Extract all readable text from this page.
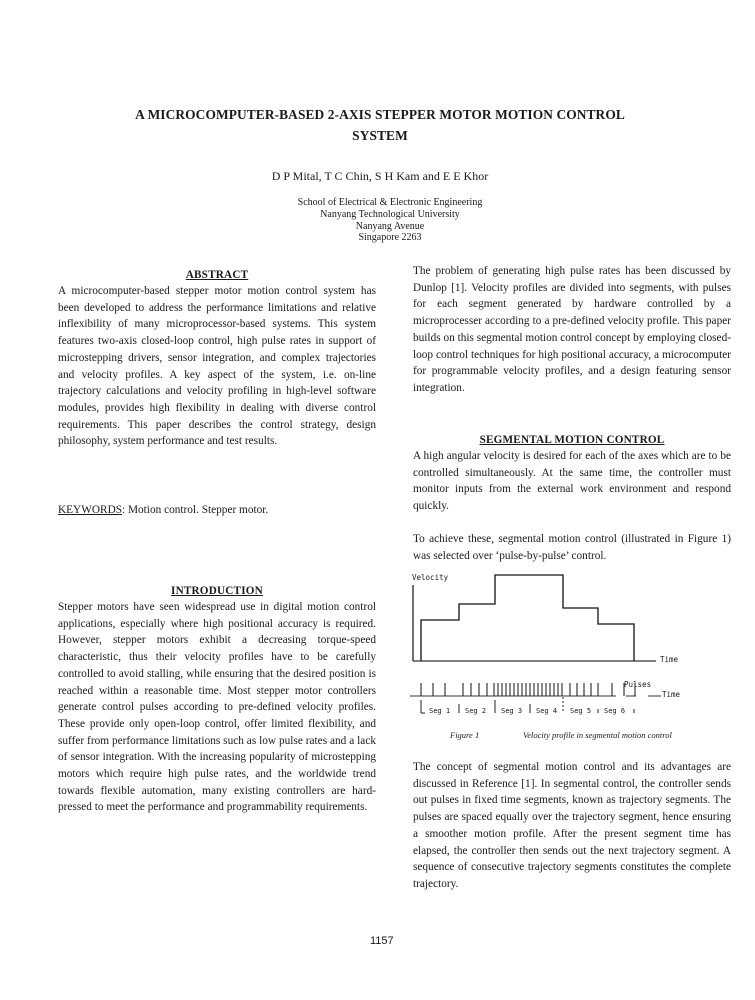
A MICROCOMPUTER-BASED 2-AXIS STEPPER MOTOR MOTION CONTROL
SYSTEM
D P Mital, T C Chin, S H Kam and E E Khor
School of Electrical & Electronic Engineering
Nanyang Technological University
Nanyang Avenue
Singapore 2263
ABSTRACT

A microcomputer-based stepper motor motion control system has been developed to address the performance limitations and relative inflexibility of many microprocessor-based systems. This system features two-axis closed-loop control, high pulse rates in support of microstepping drivers, sensor integration, and complex trajectories and velocity profiles. A key aspect of the system, i.e. on-line trajectory calculations and velocity profiling in high-level software modules, provides high flexibility in dealing with diverse control requirements. This paper describes the control strategy, design philosophy, system performance and test results.

KEYWORDS: Motion control. Stepper motor.
INTRODUCTION

Stepper motors have seen widespread use in digital motion control applications, especially where high positional accuracy is required. However, stepper motors exhibit a decreasing torque-speed characteristic, thus their velocity profiles have to be carefully controlled to avoid stalling, while ensuring that the desired position is reached within a reasonable time. Most stepper motor controllers generate control pulses according to pre-defined velocity profiles. These provide only open-loop control, offer limited flexibility, and suffer from performance limitations such as low pulse rates and a lack of sensor integration. With the increasing popularity of microstepping motors which require high pulse rates, and the worldwide trend towards flexible automation, many existing controllers are hard-pressed to meet the performance and programmability requirements.

The problem of generating high pulse rates has been discussed by Dunlop [1]. Velocity profiles are divided into segments, with pulses for each segment generated by hardware controlled by a microprocesser according to a pre-defined velocity profile. This paper builds on this segmental motion control concept by employing closed-loop control techniques for high positional accuracy, a microcomputer for programmable velocity profiles, and a design featuring sensor integration.

SEGMENTAL MOTION CONTROL

A high angular velocity is desired for each of the axes which are to be controlled simultaneously. At the same time, the controller must monitor inputs from the external work environment and respond quickly.

To achieve these, segmental motion control (illustrated in Figure 1) was selected over ‘pulse-by-pulse’ control.

Velocity
Time
Pulses
Time
Seg 1 Seg 2 Seg 3 Seg 4 Seg 5 Seg 6
Figure 1	Velocity profile in segmental motion control

The concept of segmental motion control and its advantages are discussed in Reference [1]. In segmental control, the controller sends out pulses in fixed time segments, known as trajectory segments. The pulses are spaced equally over the trajectory segment, hence ensuring a smoother motion profile. After the present segment time has elapsed, the controller then sends out the next trajectory segment. A sequence of consecutive trajectory segments constitutes the complete trajectory.

1157
